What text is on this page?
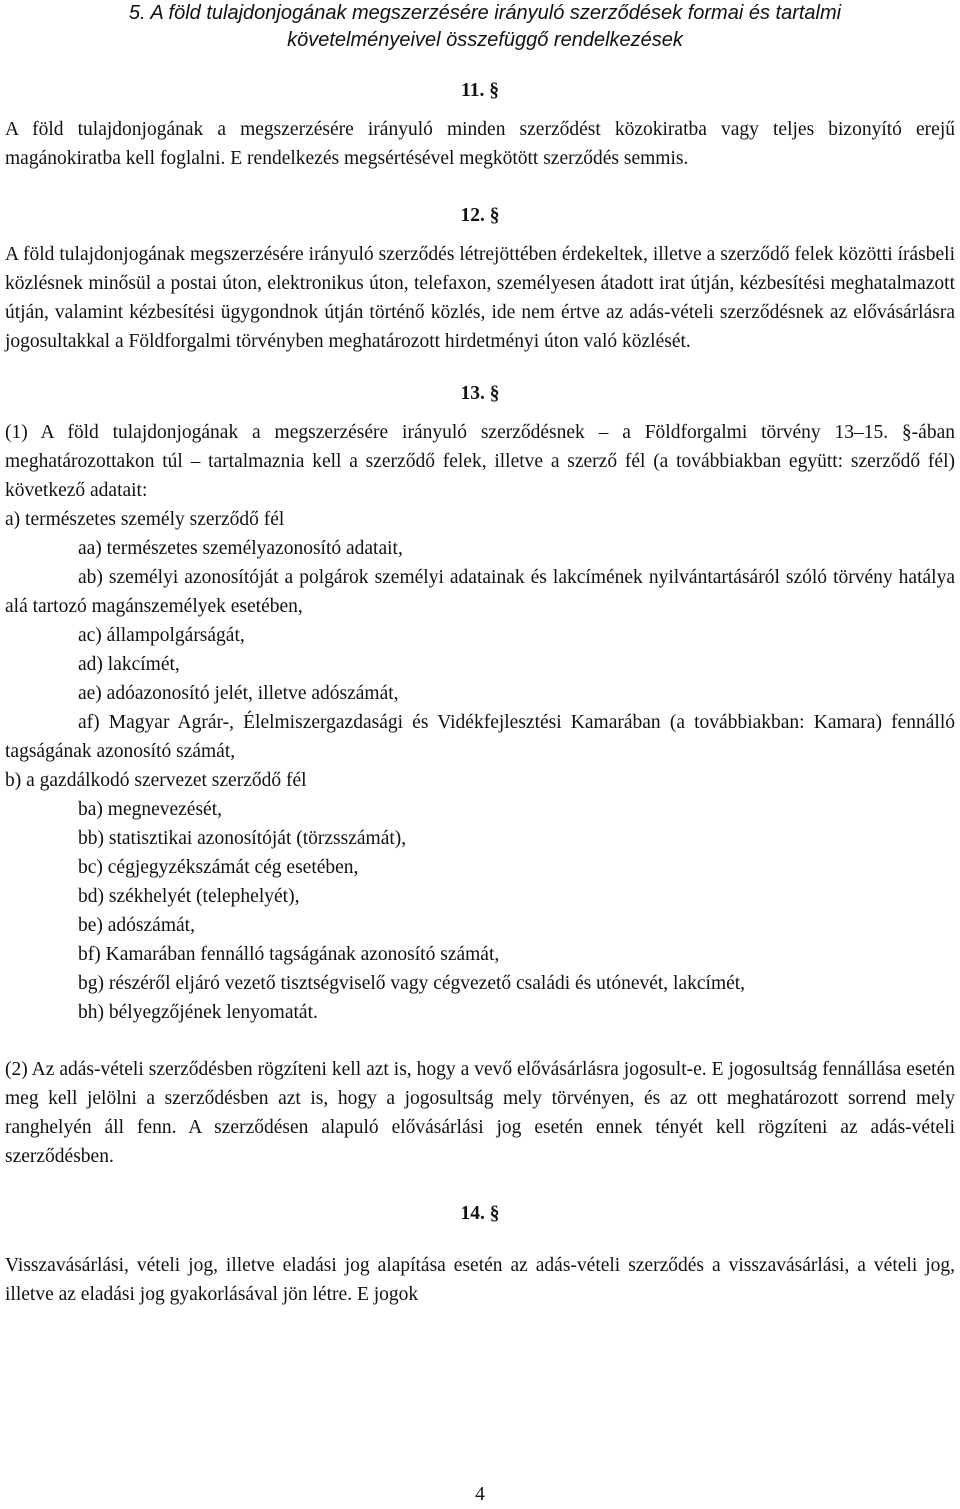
5. A föld tulajdonjogának megszerzésére irányuló szerződések formai és tartalmi
követelményeivel összefüggő rendelkezések
11. §

A föld tulajdonjogának a megszerzésére irányuló minden szerződést közokiratba vagy teljes bizonyító erejű magánokiratba kell foglalni. E rendelkezés megsértésével megkötött szerződés semmis.

12. §

A föld tulajdonjogának megszerzésére irányuló szerződés létrejöttében érdekeltek, illetve a szerződő felek közötti írásbeli közlésnek minősül a postai úton, elektronikus úton, telefaxon, személyesen átadott irat útján, kézbesítési meghatalmazott útján, valamint kézbesítési ügygondnok útján történő közlés, ide nem értve az adás-vételi szerződésnek az elővásárlásra jogosultakkal a Földforgalmi törvényben meghatározott hirdetményi úton való közlését.

13. §

(1) A föld tulajdonjogának a megszerzésére irányuló szerződésnek – a Földforgalmi törvény 13–15. §-ában meghatározottakon túl – tartalmaznia kell a szerződő felek, illetve a szerző fél (a továbbiakban együtt: szerződő fél) következő adatait:

a) természetes személy szerződő fél

aa) természetes személyazonosító adatait,

ab) személyi azonosítóját a polgárok személyi adatainak és lakcímének nyilvántartásáról szóló törvény hatálya alá tartozó magánszemélyek esetében,

ac) állampolgárságát,

ad) lakcímét,

ae) adóazonosító jelét, illetve adószámát,

af) Magyar Agrár-, Élelmiszergazdasági és Vidékfejlesztési Kamarában (a továbbiakban: Kamara) fennálló tagságának azonosító számát,

b) a gazdálkodó szervezet szerződő fél

ba) megnevezését,

bb) statisztikai azonosítóját (törzsszámát),

bc) cégjegyzékszámát cég esetében,

bd) székhelyét (telephelyét),

be) adószámát,

bf) Kamarában fennálló tagságának azonosító számát,

bg) részéről eljáró vezető tisztségviselő vagy cégvezető családi és utónevét, lakcímét,

bh) bélyegzőjének lenyomatát.

(2) Az adás-vételi szerződésben rögzíteni kell azt is, hogy a vevő elővásárlásra jogosult-e. E jogosultság fennállása esetén meg kell jelölni a szerződésben azt is, hogy a jogosultság mely törvényen, és az ott meghatározott sorrend mely ranghelyén áll fenn. A szerződésen alapuló elővásárlási jog esetén ennek tényét kell rögzíteni az adás-vételi szerződésben.

14. §

Visszavásárlási, vételi jog, illetve eladási jog alapítása esetén az adás-vételi szerződés a visszavásárlási, a vételi jog, illetve az eladási jog gyakorlásával jön létre. E jogok

4
